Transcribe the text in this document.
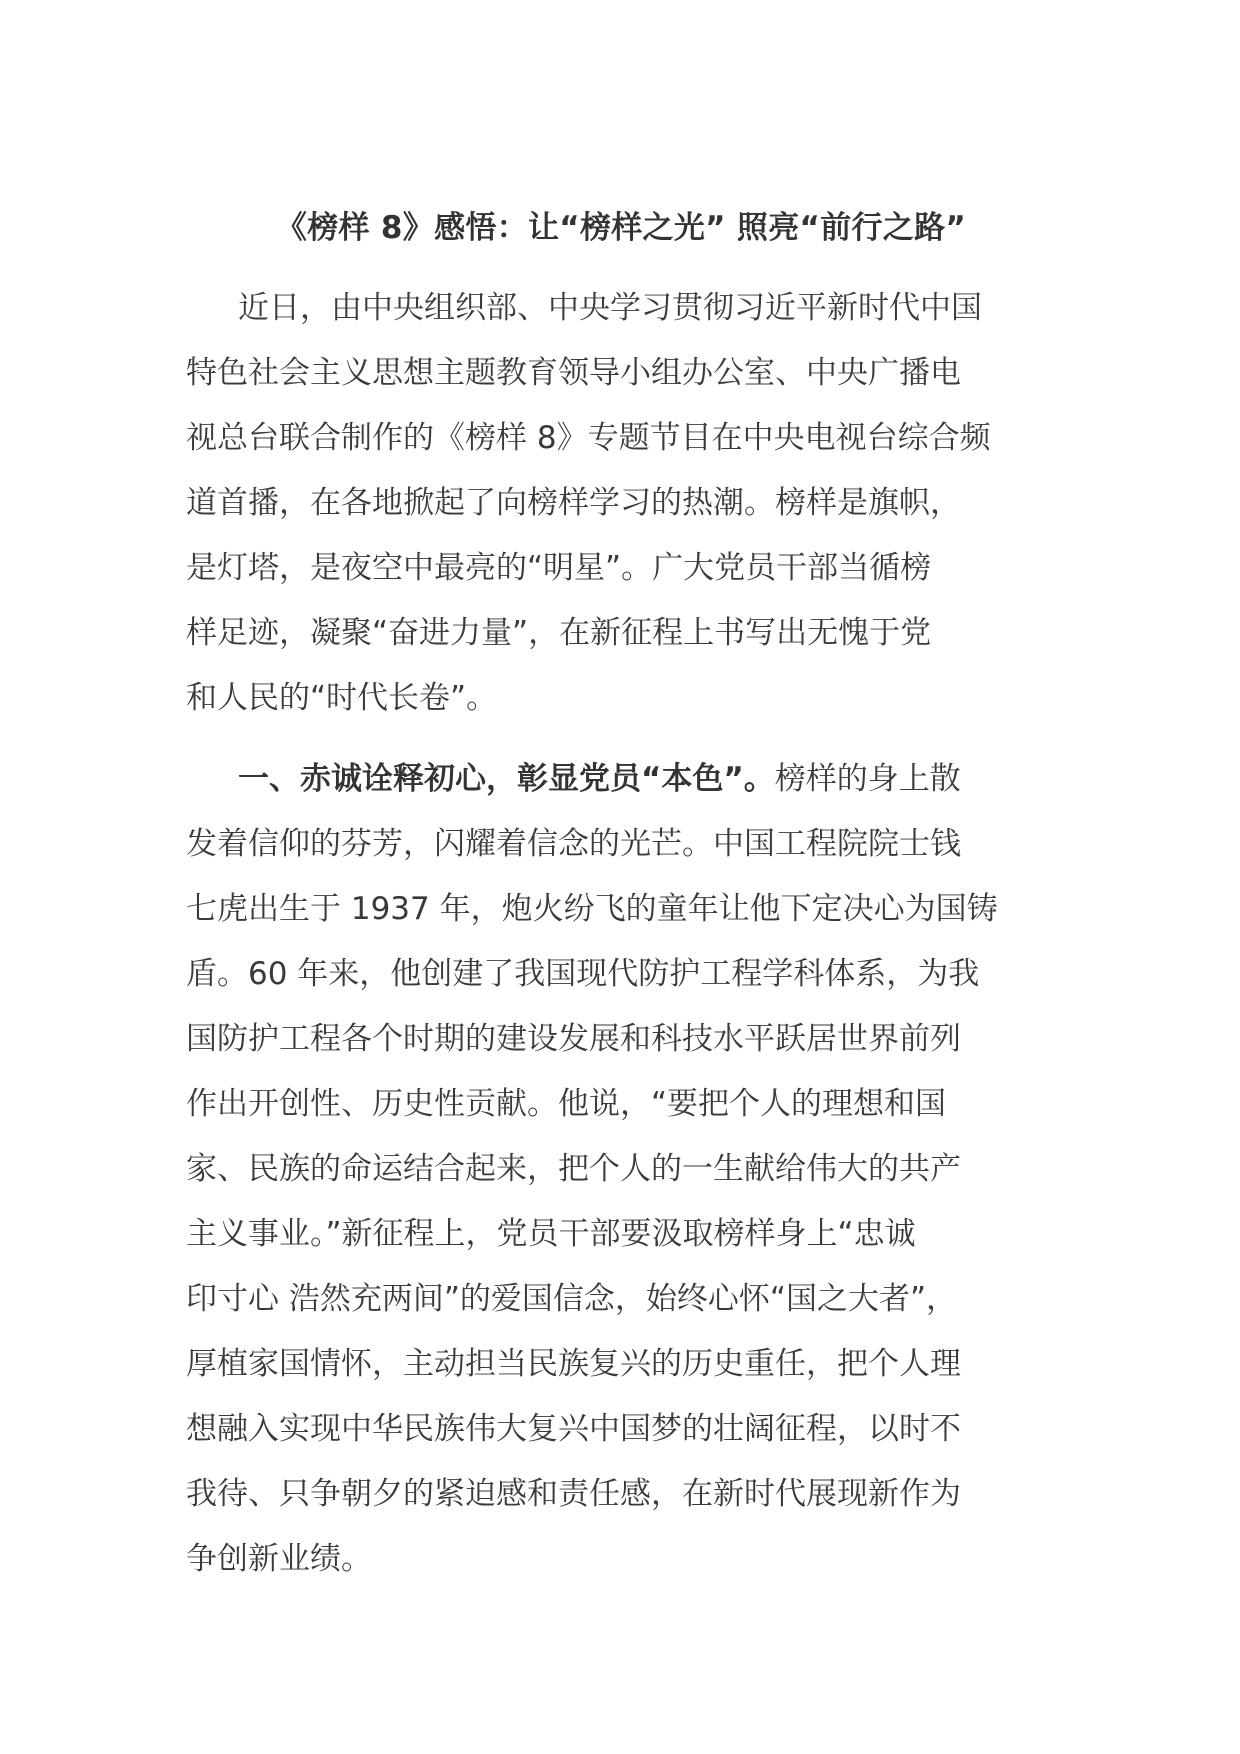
《榜样 8》感悟：让“榜样之光” 照亮“前行之路”
近日，由中央组织部、中央学习贯彻习近平新时代中国
特色社会主义思想主题教育领导小组办公室、中央广播电
视总台联合制作的《榜样 8》专题节目在中央电视台综合频
道首播，在各地掀起了向榜样学习的热潮。榜样是旗帜，
是灯塔，是夜空中最亮的“明星”。广大党员干部当循榜
样足迹，凝聚“奋进力量”，在新征程上书写出无愧于党
和人民的“时代长卷”。
一、赤诚诠释初心，彰显党员“本色”。榜样的身上散
发着信仰的芬芳，闪耀着信念的光芒。中国工程院院士钱
七虎出生于 1937 年，炮火纷飞的童年让他下定决心为国铸
盾。60 年来，他创建了我国现代防护工程学科体系，为我
国防护工程各个时期的建设发展和科技水平跃居世界前列
作出开创性、历史性贡献。他说，“要把个人的理想和国
家、民族的命运结合起来，把个人的一生献给伟大的共产
主义事业。”新征程上，党员干部要汲取榜样身上“忠诚
印寸心 浩然充两间”的爱国信念，始终心怀“国之大者”，
厚植家国情怀，主动担当民族复兴的历史重任，把个人理
想融入实现中华民族伟大复兴中国梦的壮阔征程，以时不
我待、只争朝夕的紧迫感和责任感，在新时代展现新作为
争创新业绩。
